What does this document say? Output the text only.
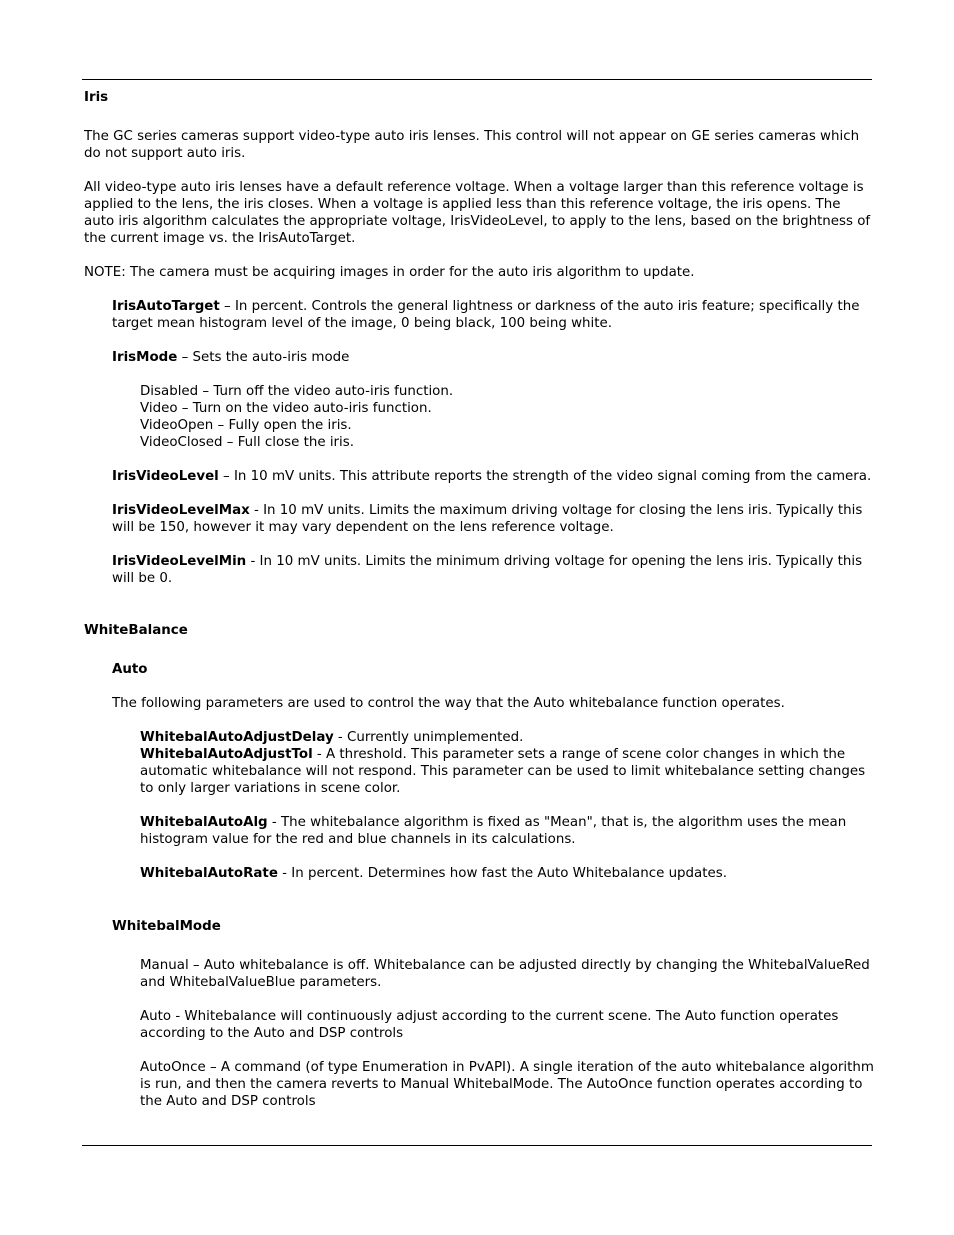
Iris

The GC series cameras support video-type auto iris lenses. This control will not appear on GE series cameras which do not support auto iris.

All video-type auto iris lenses have a default reference voltage. When a voltage larger than this reference voltage is applied to the lens, the iris closes. When a voltage is applied less than this reference voltage, the iris opens. The auto iris algorithm calculates the appropriate voltage, IrisVideoLevel, to apply to the lens, based on the brightness of the current image vs. the IrisAutoTarget.

NOTE: The camera must be acquiring images in order for the auto iris algorithm to update.

IrisAutoTarget – In percent. Controls the general lightness or darkness of the auto iris feature; specifically the target mean histogram level of the image, 0 being black, 100 being white.

IrisMode – Sets the auto-iris mode

Disabled – Turn off the video auto-iris function.

Video – Turn on the video auto-iris function.

VideoOpen – Fully open the iris.

VideoClosed – Full close the iris.

IrisVideoLevel – In 10 mV units. This attribute reports the strength of the video signal coming from the camera.

IrisVideoLevelMax - In 10 mV units. Limits the maximum driving voltage for closing the lens iris. Typically this will be 150, however it may vary dependent on the lens reference voltage.

IrisVideoLevelMin - In 10 mV units. Limits the minimum driving voltage for opening the lens iris. Typically this will be 0.

WhiteBalance

Auto

The following parameters are used to control the way that the Auto whitebalance function operates.

WhitebalAutoAdjustDelay - Currently unimplemented.

WhitebalAutoAdjustTol - A threshold. This parameter sets a range of scene color changes in which the automatic whitebalance will not respond. This parameter can be used to limit whitebalance setting changes to only larger variations in scene color.

WhitebalAutoAlg - The whitebalance algorithm is fixed as "Mean", that is, the algorithm uses the mean histogram value for the red and blue channels in its calculations.

WhitebalAutoRate - In percent. Determines how fast the Auto Whitebalance updates.

WhitebalMode

Manual – Auto whitebalance is off. Whitebalance can be adjusted directly by changing the WhitebalValueRed and WhitebalValueBlue parameters.

Auto - Whitebalance will continuously adjust according to the current scene. The Auto function operates according to the Auto and DSP controls

AutoOnce – A command (of type Enumeration in PvAPI). A single iteration of the auto whitebalance algorithm is run, and then the camera reverts to Manual WhitebalMode. The AutoOnce function operates according to the Auto and DSP controls
